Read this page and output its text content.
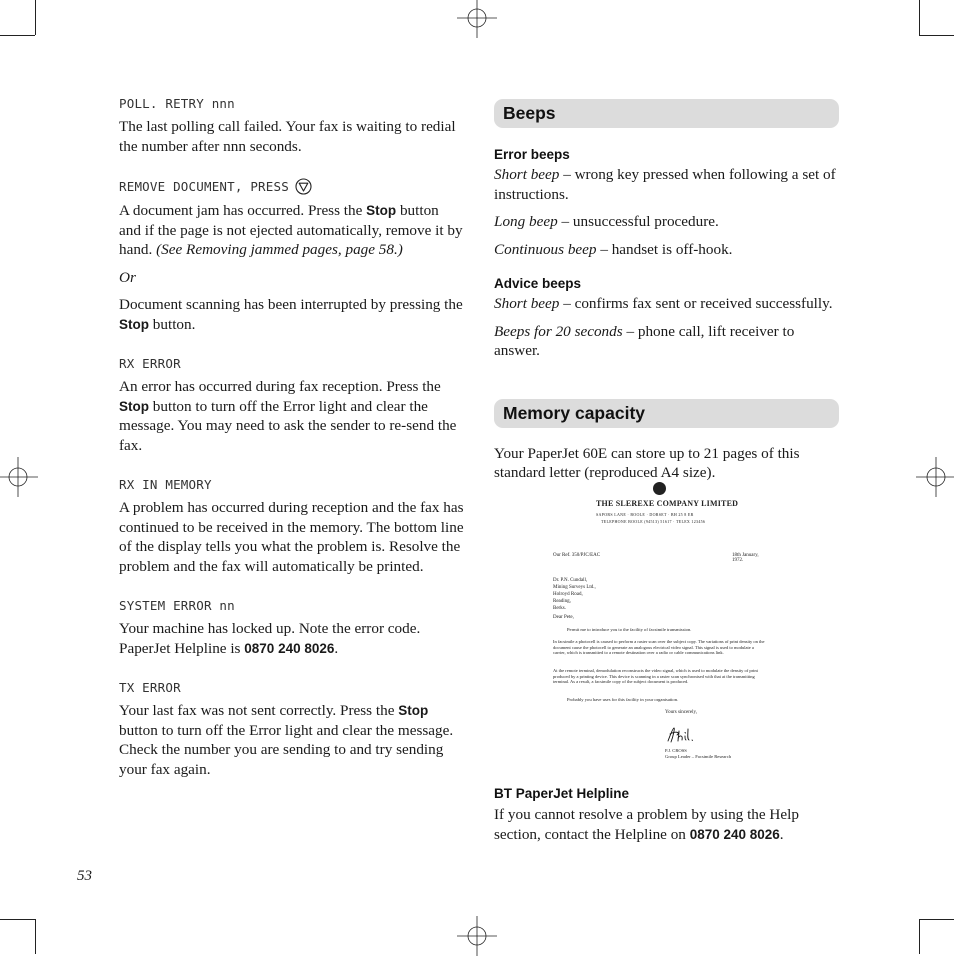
POLL. RETRY nnn

The last polling call failed. Your fax is waiting to redial the number after nnn seconds.

REMOVE DOCUMENT, PRESS

A document jam has occurred. Press the Stop button and if the page is not ejected automatically, remove it by hand. (See Removing jammed pages, page 58.)

Or

Document scanning has been interrupted by pressing the Stop button.

RX ERROR

An error has occurred during fax reception. Press the Stop button to turn off the Error light and clear the message. You may need to ask the sender to re-send the fax.

RX IN MEMORY

A problem has occurred during reception and the fax has continued to be received in the memory. The bottom line of the display tells you what the problem is. Resolve the problem and the fax will automatically be printed.

SYSTEM ERROR nn

Your machine has locked up. Note the error code. PaperJet Helpline is 0870 240 8026.

TX ERROR

Your last fax was not sent correctly. Press the Stop button to turn off the Error light and clear the message. Check the number you are sending to and try sending your fax again.

Beeps
Error beeps

Short beep – wrong key pressed when following a set of instructions.

Long beep – unsuccessful procedure.

Continuous beep – handset is off-hook.

Advice beeps

Short beep – confirms fax sent or received successfully.

Beeps for 20 seconds – phone call, lift receiver to answer.

Memory capacity

Your PaperJet 60E can store up to 21 pages of this standard letter (reproduced A4 size).

THE SLEREXE COMPANY LIMITED
SAPORS LANE · BOOLE · DORSET · BH 25 8 ER
TELEPHONE BOOLE (94513) 51617 · TELEX 123456
Our Ref. 350/PJC/EAC	18th January, 1972.
Dr. P.N. Cundall,
Mining Surveys Ltd.,
Holroyd Road,
Reading,
Berks.
Dear Pete,
Permit me to introduce you to the facility of facsimile transmission.
In facsimile a photocell is caused to perform a raster scan over the subject copy. The variations of print density on the document cause the photocell to generate an analogous electrical video signal. This signal is used to modulate a carrier, which is transmitted to a remote destination over a radio or cable communications link.
At the remote terminal, demodulation reconstructs the video signal, which is used to modulate the density of print produced by a printing device. This device is scanning in a raster scan synchronised with that at the transmitting terminal. As a result, a facsimile copy of the subject document is produced.
Probably you have uses for this facility in your organisation.
Yours sincerely,
P.J. CROSS
Group Leader – Facsimile Research
BT PaperJet Helpline

If you cannot resolve a problem by using the Help section, contact the Helpline on 0870 240 8026.

53
